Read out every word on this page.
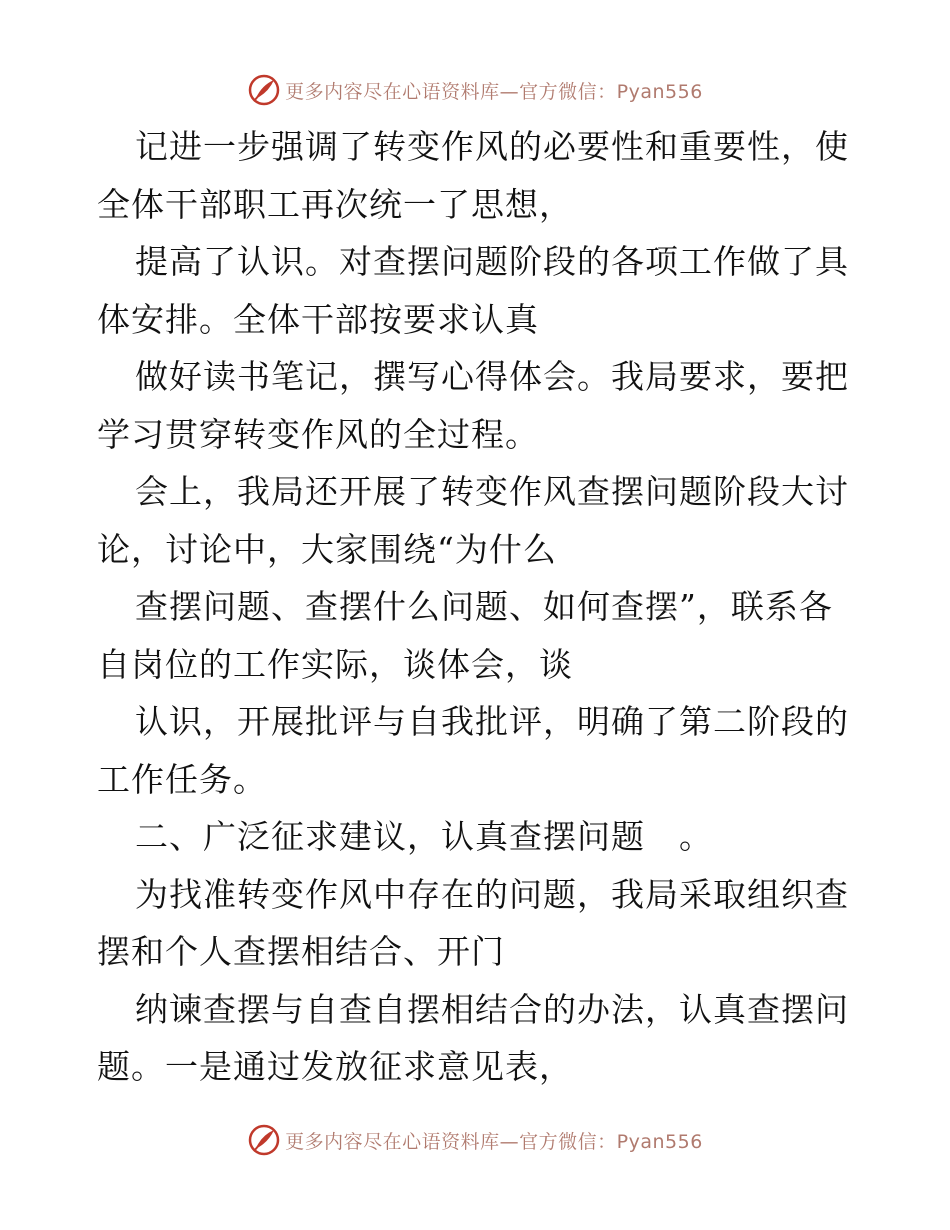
更多内容尽在心语资料库—官方微信：Pyan556
记进一步强调了转变作风的必要性和重要性，使
全体干部职工再次统一了思想，
提高了认识。对查摆问题阶段的各项工作做了具
体安排。全体干部按要求认真
做好读书笔记，撰写心得体会。我局要求，要把
学习贯穿转变作风的全过程。
会上，我局还开展了转变作风查摆问题阶段大讨
论，讨论中，大家围绕“为什么
查摆问题、查摆什么问题、如何查摆”，联系各
自岗位的工作实际，谈体会，谈
认识，开展批评与自我批评，明确了第二阶段的
工作任务。
二、广泛征求建议，认真查摆问题　。
为找准转变作风中存在的问题，我局采取组织查
摆和个人查摆相结合、开门
纳谏查摆与自查自摆相结合的办法，认真查摆问
题。一是通过发放征求意见表，
更多内容尽在心语资料库—官方微信：Pyan556
